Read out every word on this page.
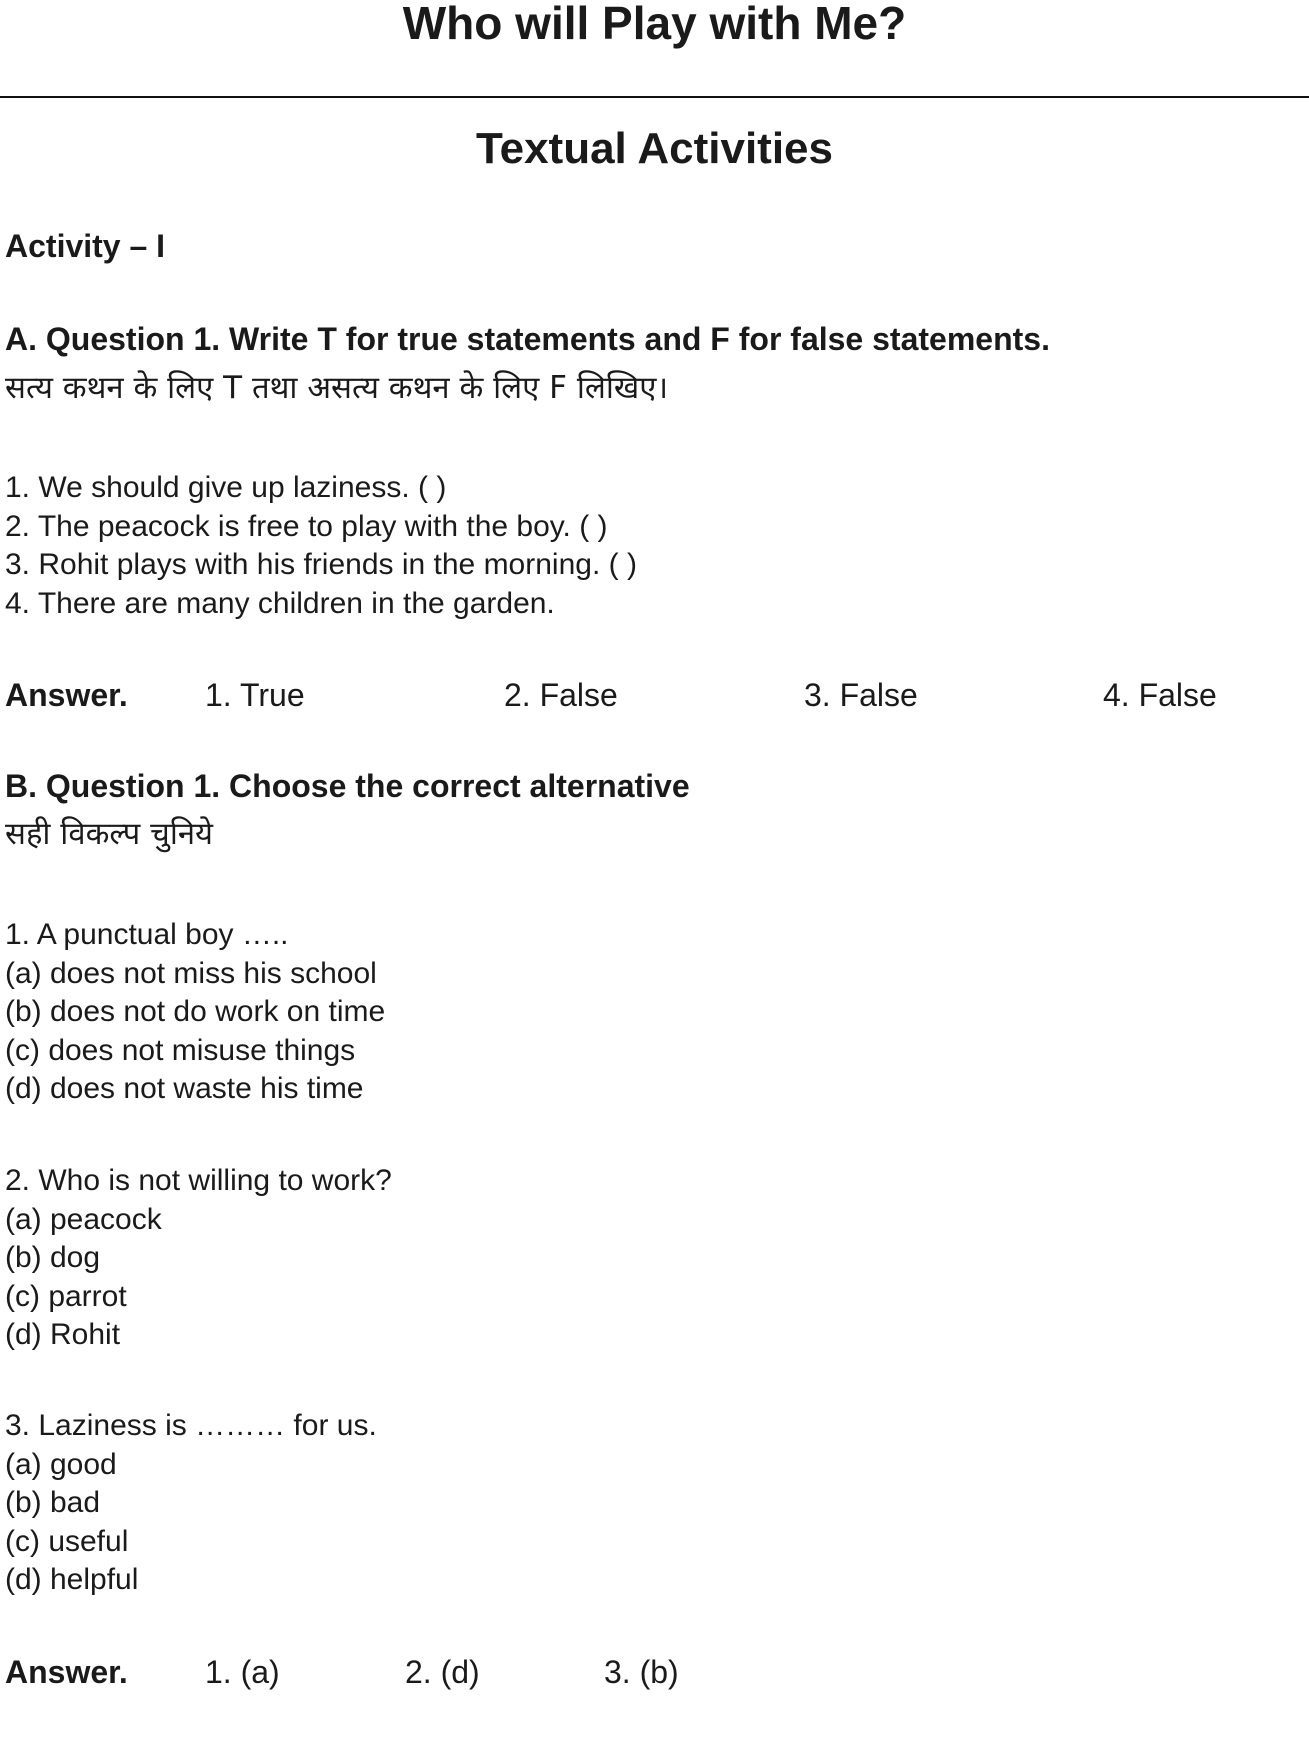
Who will Play with Me?
Textual Activities
Activity – I
A. Question 1. Write T for true statements and F for false statements.
सत्य कथन के लिए T तथा असत्य कथन के लिए F लिखिए।
1. We should give up laziness. ( )
2. The peacock is free to play with the boy. ( )
3. Rohit plays with his friends in the morning. ( )
4. There are many children in the garden.
Answer. 1. True	2. False	3. False	4. False
B. Question 1. Choose the correct alternative
सही विकल्प चुनिये
1. A punctual boy …..
(a) does not miss his school
(b) does not do work on time
(c) does not misuse things
(d) does not waste his time
2. Who is not willing to work?
(a) peacock
(b) dog
(c) parrot
(d) Rohit
3. Laziness is ……… for us.
(a) good
(b) bad
(c) useful
(d) helpful
Answer. 1. (a)	2. (d)	3. (b)
